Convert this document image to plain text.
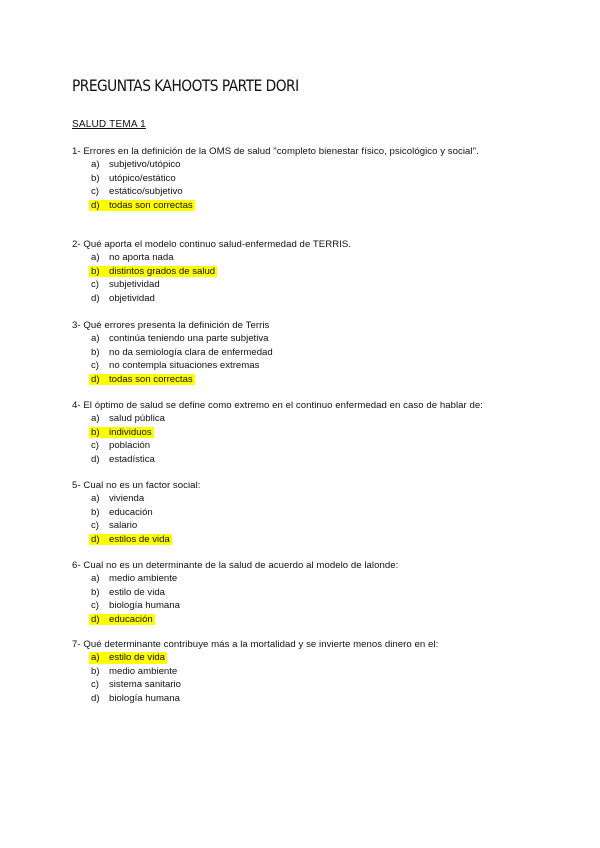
PREGUNTAS KAHOOTS PARTE DORI
SALUD TEMA 1
1- Errores en la definición de la OMS de salud "completo bienestar físico, psicológico y social".
a) subjetivo/utópico
b) utópico/estático
c) estático/subjetivo
d) todas son correctas
2- Qué aporta el modelo continuo salud-enfermedad de TERRIS.
a) no aporta nada
b) distintos grados de salud
c) subjetividad
d) objetividad
3- Qué errores presenta la definición de Terris
a) continúa teniendo una parte subjetiva
b) no da semiología clara de enfermedad
c) no contempla situaciones extremas
d) todas son correctas
4- El óptimo de salud se define como extremo en el continuo enfermedad en caso de hablar de:
a) salud pública
b) individuos
c) población
d) estadística
5- Cual no es un factor social:
a) vivienda
b) educación
c) salario
d) estilos de vida
6- Cual no es un determinante de la salud de acuerdo al modelo de lalonde:
a) medio ambiente
b) estilo de vida
c) biología humana
d) educación
7- Qué determinante contribuye más a la mortalidad y se invierte menos dinero en el:
a) estilo de vida
b) medio ambiente
c) sistema sanitario
d) biología humana
